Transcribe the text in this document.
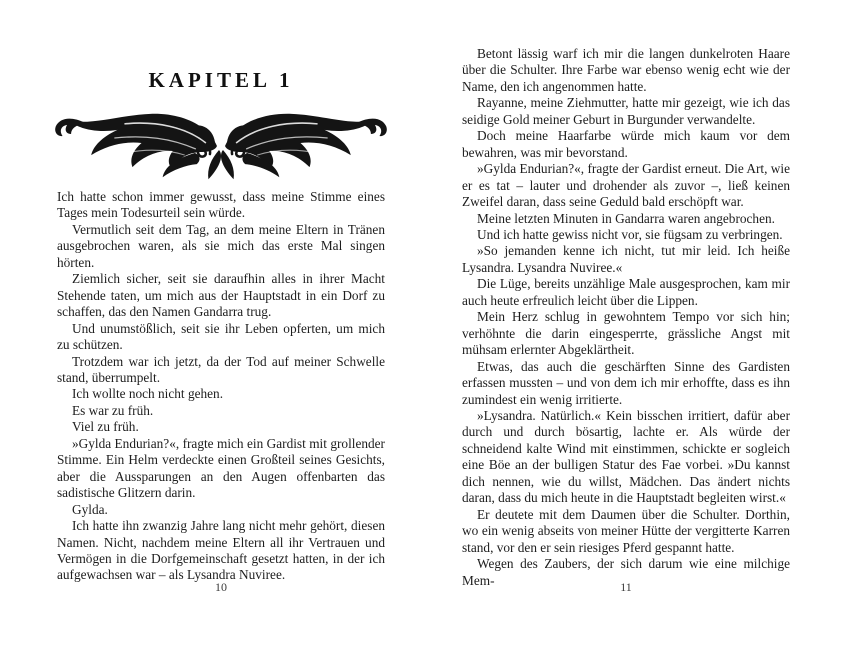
KAPITEL 1

Ich hatte schon immer gewusst, dass meine Stimme eines Tages mein Todesurteil sein würde.

Vermutlich seit dem Tag, an dem meine Eltern in Tränen ausgebrochen waren, als sie mich das erste Mal singen hörten.

Ziemlich sicher, seit sie daraufhin alles in ihrer Macht Stehende taten, um mich aus der Hauptstadt in ein Dorf zu schaffen, das den Namen Gandarra trug.

Und unumstößlich, seit sie ihr Leben opferten, um mich zu schützen.

Trotzdem war ich jetzt, da der Tod auf meiner Schwelle stand, überrumpelt.

Ich wollte noch nicht gehen.

Es war zu früh.

Viel zu früh.

»Gylda Endurian?«, fragte mich ein Gardist mit grollender Stimme. Ein Helm verdeckte einen Großteil seines Gesichts, aber die Aussparungen an den Augen offenbarten das sadistische Glitzern darin.

Gylda.

Ich hatte ihn zwanzig Jahre lang nicht mehr gehört, diesen Namen. Nicht, nachdem meine Eltern all ihr Vertrauen und Vermögen in die Dorfgemeinschaft gesetzt hatten, in der ich aufgewachsen war – als Lysandra Nuviree.

10

Betont lässig warf ich mir die langen dunkelroten Haare über die Schulter. Ihre Farbe war ebenso wenig echt wie der Name, den ich angenommen hatte.

Rayanne, meine Ziehmutter, hatte mir gezeigt, wie ich das seidige Gold meiner Geburt in Burgunder verwandelte.

Doch meine Haarfarbe würde mich kaum vor dem bewahren, was mir bevorstand.

»Gylda Endurian?«, fragte der Gardist erneut. Die Art, wie er es tat – lauter und drohender als zuvor –, ließ keinen Zweifel daran, dass seine Geduld bald erschöpft war.

Meine letzten Minuten in Gandarra waren angebrochen.

Und ich hatte gewiss nicht vor, sie fügsam zu verbringen.

»So jemanden kenne ich nicht, tut mir leid. Ich heiße Lysandra. Lysandra Nuviree.«

Die Lüge, bereits unzählige Male ausgesprochen, kam mir auch heute erfreulich leicht über die Lippen.

Mein Herz schlug in gewohntem Tempo vor sich hin; verhöhnte die darin eingesperrte, grässliche Angst mit mühsam erlernter Abgeklärtheit.

Etwas, das auch die geschärften Sinne des Gardisten erfassen mussten – und von dem ich mir erhoffte, dass es ihn zumindest ein wenig irritierte.

»Lysandra. Natürlich.« Kein bisschen irritiert, dafür aber durch und durch bösartig, lachte er. Als würde der schneidend kalte Wind mit einstimmen, schickte er sogleich eine Böe an der bulligen Statur des Fae vorbei. »Du kannst dich nennen, wie du willst, Mädchen. Das ändert nichts daran, dass du mich heute in die Hauptstadt begleiten wirst.«

Er deutete mit dem Daumen über die Schulter. Dorthin, wo ein wenig abseits von meiner Hütte der vergitterte Karren stand, vor den er sein riesiges Pferd gespannt hatte.

Wegen des Zaubers, der sich darum wie eine milchige Mem-	11
